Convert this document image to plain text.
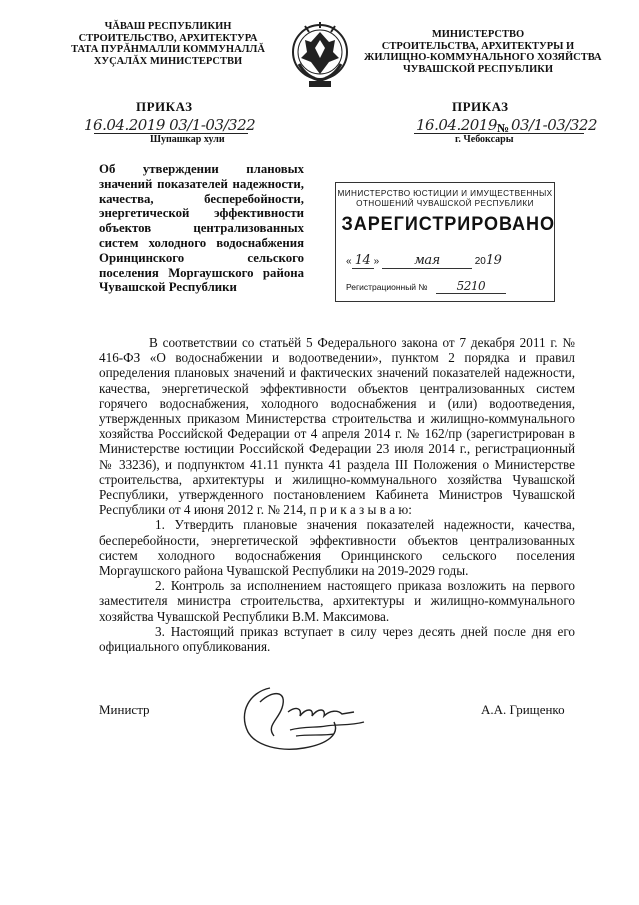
ЧĂВАШ РЕСПУБЛИКИН
СТРОИТЕЛЬСТВО, АРХИТЕКТУРА
ТАТА ПУРĂНМАЛЛИ КОММУНАЛЛĂ
ХУÇАЛĂХ МИНИСТЕРСТВИ
ПРИКАЗ
16.04.2019 03/1-03/322
Шупашкар хули
МИНИСТЕРСТВО
СТРОИТЕЛЬСТВА, АРХИТЕКТУРЫ И
ЖИЛИЩНО-КОММУНАЛЬНОГО ХОЗЯЙСТВА
ЧУВАШСКОЙ РЕСПУБЛИКИ
ПРИКАЗ
16.04.2019 № 03/1-03/322
г. Чебоксары
Об утверждении плановых значений показателей надежности, качества, бесперебойности, энергетической эффективности объектов централизованных систем холодного водоснабжения Оринцинского сельского поселения Моргаушского района Чувашской Республики
МИНИСТЕРСТВО ЮСТИЦИИ И ИМУЩЕСТВЕННЫХ ОТНОШЕНИЙ ЧУВАШСКОЙ РЕСПУБЛИКИ
ЗАРЕГИСТРИРОВАНО
« 14 »	мая	2019
Регистрационный № 5210

В соответствии со статьёй 5 Федерального закона от 7 декабря 2011 г. № 416-ФЗ «О водоснабжении и водоотведении», пунктом 2 порядка и правил определения плановых значений и фактических значений показателей надежности, качества, энергетической эффективности объектов централизованных систем горячего водоснабжения, холодного водоснабжения и (или) водоотведения, утвержденных приказом Министерства строительства и жилищно-коммунального хозяйства Российской Федерации от 4 апреля 2014 г. № 162/пр (зарегистрирован в Министерстве юстиции Российской Федерации 23 июля 2014 г., регистрационный № 33236), и подпунктом 41.11 пункта 41 раздела III Положения о Министерстве строительства, архитектуры и жилищно-коммунального хозяйства Чувашской Республики, утвержденного постановлением Кабинета Министров Чувашской Республики от 4 июня 2012 г. № 214, п р и к а з ы в а ю:

1. Утвердить плановые значения показателей надежности, качества, бесперебойности, энергетической эффективности объектов централизованных систем холодного водоснабжения Оринцинского сельского поселения Моргаушского района Чувашской Республики на 2019-2029 годы.

2. Контроль за исполнением настоящего приказа возложить на первого заместителя министра строительства, архитектуры и жилищно-коммунального хозяйства Чувашской Республики В.М. Максимова.

3. Настоящий приказ вступает в силу через десять дней после дня его официального опубликования.

Министр	А.А. Грищенко
